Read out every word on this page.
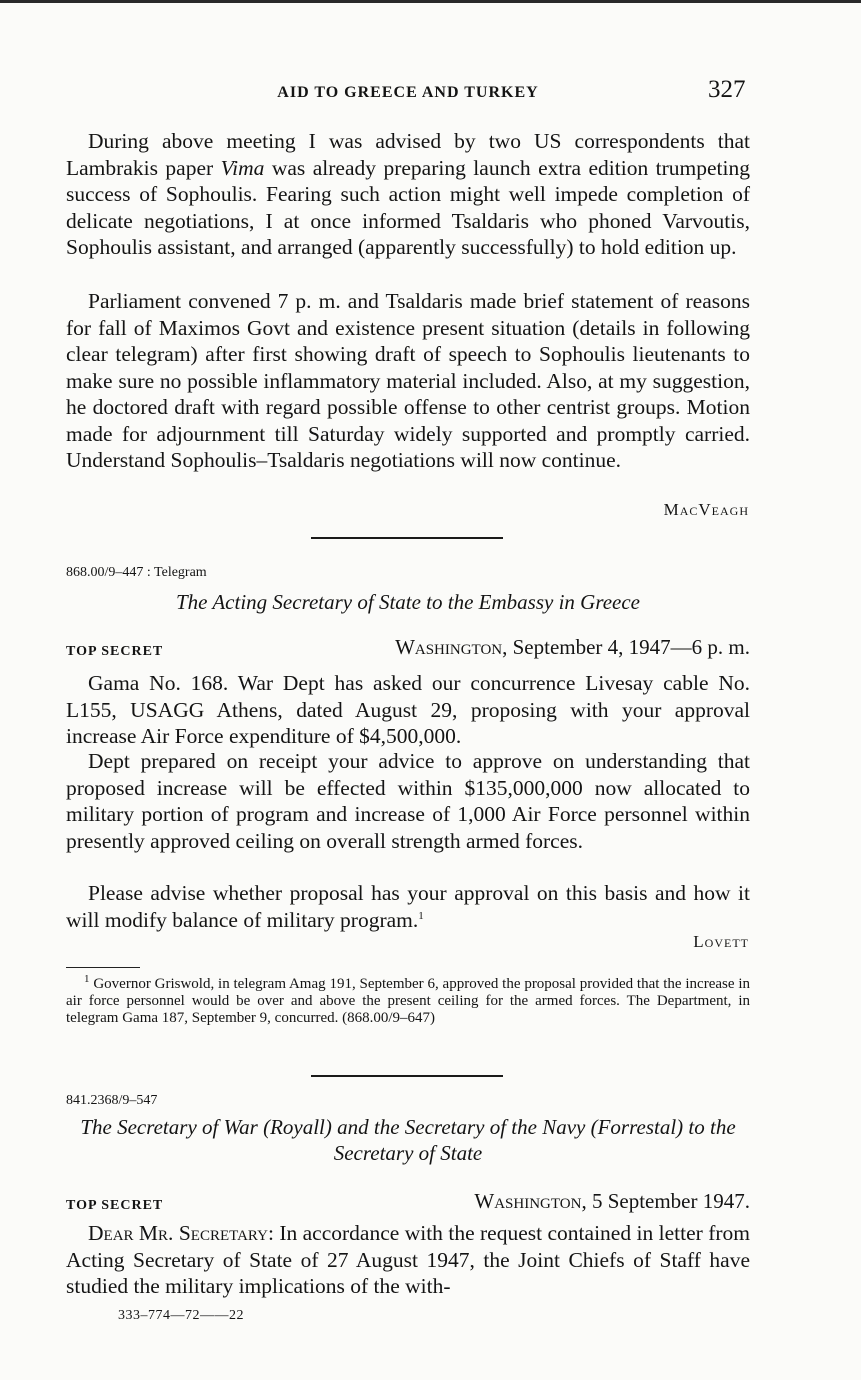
AID TO GREECE AND TURKEY	327

During above meeting I was advised by two US correspondents that Lambrakis paper Vima was already preparing launch extra edition trumpeting success of Sophoulis. Fearing such action might well impede completion of delicate negotiations, I at once informed Tsaldaris who phoned Varvoutis, Sophoulis assistant, and arranged (apparently successfully) to hold edition up.

Parliament convened 7 p. m. and Tsaldaris made brief statement of reasons for fall of Maximos Govt and existence present situation (details in following clear telegram) after first showing draft of speech to Sophoulis lieutenants to make sure no possible inflammatory material included. Also, at my suggestion, he doctored draft with regard possible offense to other centrist groups. Motion made for adjournment till Saturday widely supported and promptly carried. Understand Sophoulis–Tsaldaris negotiations will now continue.

MacVeagh
868.00/9–447 : Telegram
The Acting Secretary of State to the Embassy in Greece
TOP SECRET	Washington, September 4, 1947—6 p. m.

Gama No. 168. War Dept has asked our concurrence Livesay cable No. L155, USAGG Athens, dated August 29, proposing with your approval increase Air Force expenditure of $4,500,000.

Dept prepared on receipt your advice to approve on understanding that proposed increase will be effected within $135,000,000 now allocated to military portion of program and increase of 1,000 Air Force personnel within presently approved ceiling on overall strength armed forces.

Please advise whether proposal has your approval on this basis and how it will modify balance of military program.$^1$

Lovett

$^1$ Governor Griswold, in telegram Amag 191, September 6, approved the proposal provided that the increase in air force personnel would be over and above the present ceiling for the armed forces. The Department, in telegram Gama 187, September 9, concurred. (868.00/9–647)

841.2368/9–547
The Secretary of War (Royall) and the Secretary of the Navy (Forrestal) to the Secretary of State
TOP SECRET	Washington, 5 September 1947.

Dear Mr. Secretary: In accordance with the request contained in letter from Acting Secretary of State of 27 August 1947, the Joint Chiefs of Staff have studied the military implications of the with-

333–774—72——22
